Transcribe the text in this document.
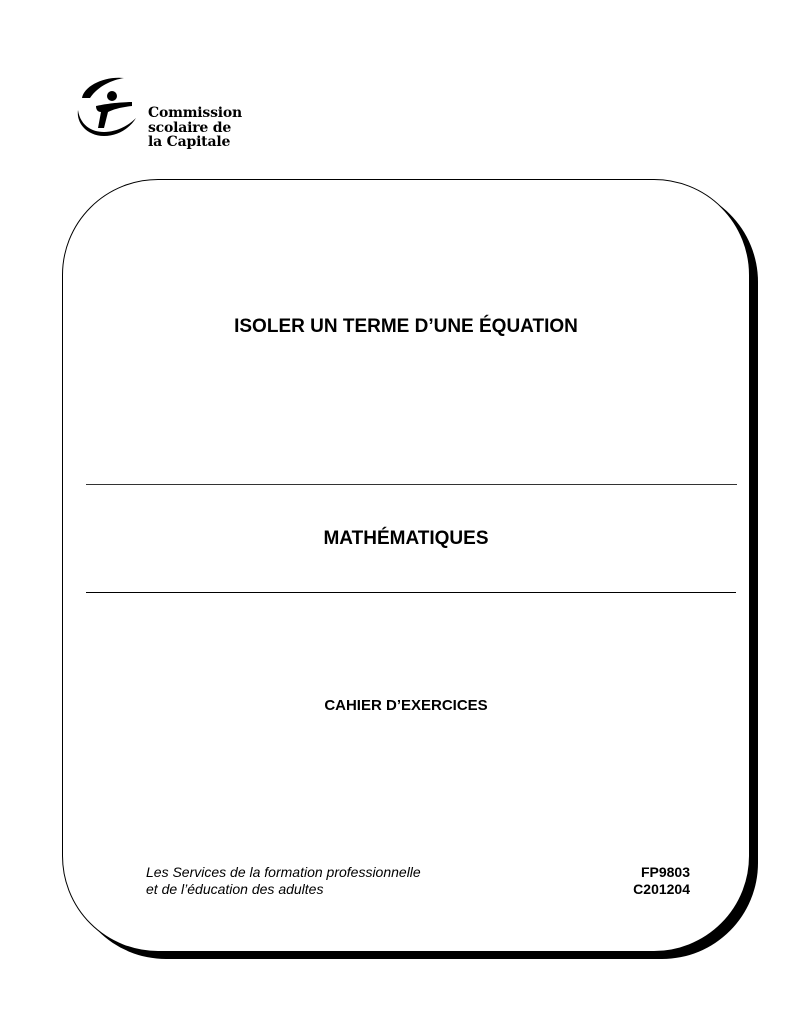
Commission
scolaire de
la Capitale
ISOLER UN TERME D’UNE ÉQUATION
MATHÉMATIQUES
CAHIER D’EXERCICES
Les Services de la formation professionnelle
et de l’éducation des adultes
FP9803
C201204
